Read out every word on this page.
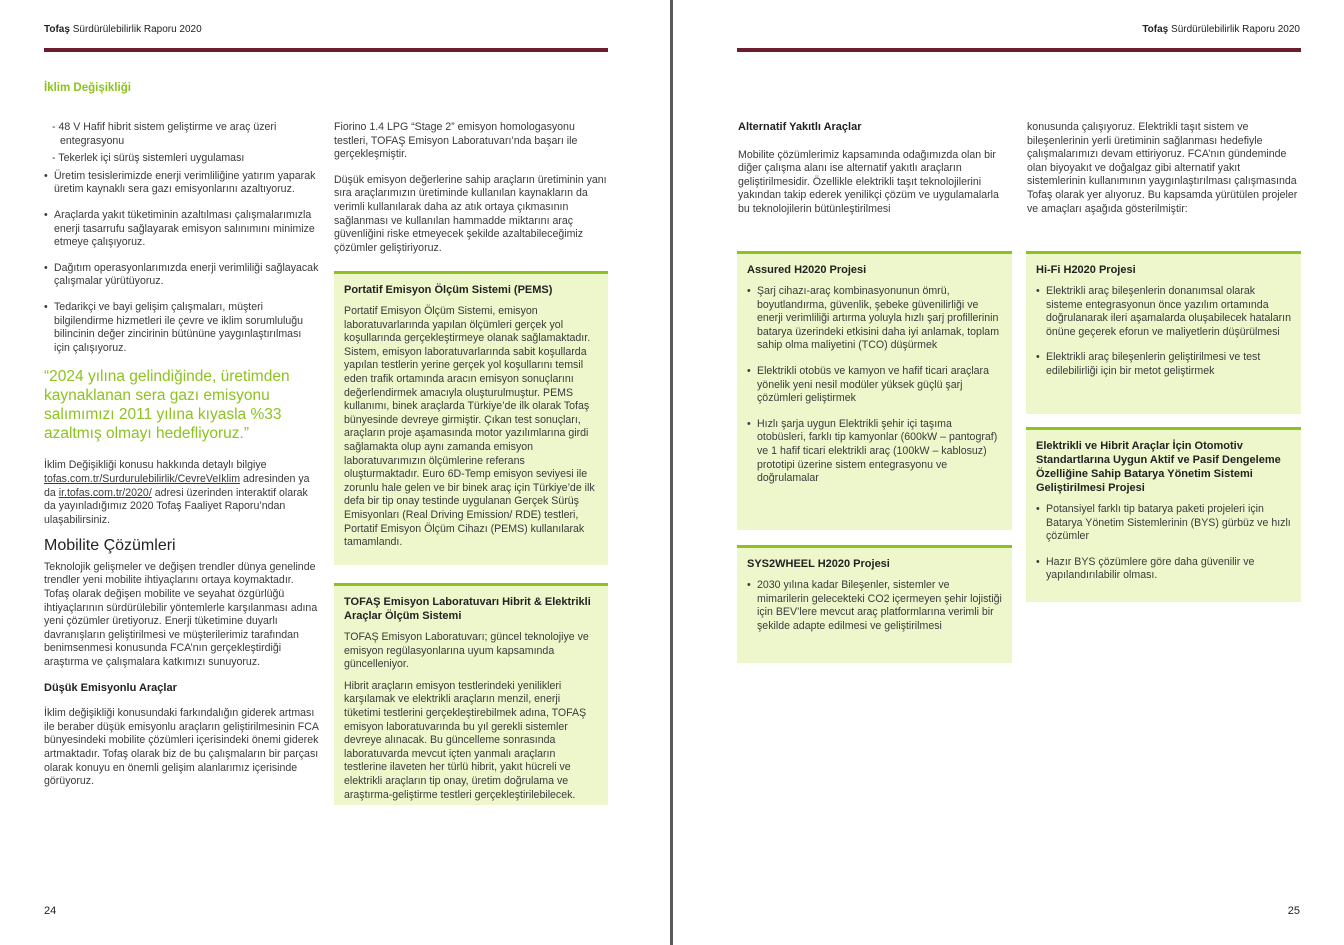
Tofaş Sürdürülebilirlik Raporu 2020
İklim Değişikliği
- 48 V Hafif hibrit sistem geliştirme ve araç üzeri entegrasyonu
- Tekerlek içi sürüş sistemleri uygulaması
• Üretim tesislerimizde enerji verimliliğine yatırım yaparak üretim kaynaklı sera gazı emisyonlarını azaltıyoruz.
• Araçlarda yakıt tüketiminin azaltılması çalışmalarımızla enerji tasarrufu sağlayarak emisyon salınımını minimize etmeye çalışıyoruz.
• Dağıtım operasyonlarımızda enerji verimliliği sağlayacak çalışmalar yürütüyoruz.
• Tedarikçi ve bayi gelişim çalışmaları, müşteri bilgilendirme hizmetleri ile çevre ve iklim sorumluluğu bilincinin değer zincirinin bütününe yaygınlaştırılması için çalışıyoruz.
“2024 yılına gelindiğinde, üretimden kaynaklanan sera gazı emisyonu salımımızı 2011 yılına kıyasla %33 azaltmış olmayı hedefliyoruz.”

İklim Değişikliği konusu hakkında detaylı bilgiye tofas.com.tr/Surdurulebilirlik/CevreVeIklim adresinden ya da ir.tofas.com.tr/2020/ adresi üzerinden interaktif olarak da yayınladığımız 2020 Tofaş Faaliyet Raporu’ndan ulaşabilirsiniz.

Mobilite Çözümleri

Teknolojik gelişmeler ve değişen trendler dünya genelinde trendler yeni mobilite ihtiyaçlarını ortaya koymaktadır. Tofaş olarak değişen mobilite ve seyahat özgürlüğü ihtiyaçlarının sürdürülebilir yöntemlerle karşılanması adına yeni çözümler üretiyoruz. Enerji tüketimine duyarlı davranışların geliştirilmesi ve müşterilerimiz tarafından benimsenmesi konusunda FCA’nın gerçekleştirdiği araştırma ve çalışmalara katkımızı sunuyoruz.

Düşük Emisyonlu Araçlar

İklim değişikliği konusundaki farkındalığın giderek artması ile beraber düşük emisyonlu araçların geliştirilmesinin FCA bünyesindeki mobilite çözümleri içerisindeki önemi giderek artmaktadır. Tofaş olarak biz de bu çalışmaların bir parçası olarak konuyu en önemli gelişim alanlarımız içerisinde görüyoruz.

Fiorino 1.4 LPG “Stage 2” emisyon homologasyonu testleri, TOFAŞ Emisyon Laboratuvarı’nda başarı ile gerçekleşmiştir.

Düşük emisyon değerlerine sahip araçların üretiminin yanı sıra araçlarımızın üretiminde kullanılan kaynakların da verimli kullanılarak daha az atık ortaya çıkmasının sağlanması ve kullanılan hammadde miktarını araç güvenliğini riske etmeyecek şekilde azaltabileceğimiz çözümler geliştiriyoruz.

Portatif Emisyon Ölçüm Sistemi (PEMS)

Portatif Emisyon Ölçüm Sistemi, emisyon laboratuvarlarında yapılan ölçümleri gerçek yol koşullarında gerçekleştirmeye olanak sağlamaktadır. Sistem, emisyon laboratuvarlarında sabit koşullarda yapılan testlerin yerine gerçek yol koşullarını temsil eden trafik ortamında aracın emisyon sonuçlarını değerlendirmek amacıyla oluşturulmuştur. PEMS kullanımı, binek araçlarda Türkiye’de ilk olarak Tofaş bünyesinde devreye girmiştir. Çıkan test sonuçları, araçların proje aşamasında motor yazılımlarına girdi sağlamakta olup aynı zamanda emisyon laboratuvarımızın ölçümlerine referans oluşturmaktadır. Euro 6D-Temp emisyon seviyesi ile zorunlu hale gelen ve bir binek araç için Türkiye’de ilk defa bir tip onay testinde uygulanan Gerçek Sürüş Emisyonları (Real Driving Emission/ RDE) testleri, Portatif Emisyon Ölçüm Cihazı (PEMS) kullanılarak tamamlandı.

TOFAŞ Emisyon Laboratuvarı Hibrit & Elektrikli Araçlar Ölçüm Sistemi

TOFAŞ Emisyon Laboratuvarı; güncel teknolojiye ve emisyon regülasyonlarına uyum kapsamında güncelleniyor.

Hibrit araçların emisyon testlerindeki yenilikleri karşılamak ve elektrikli araçların menzil, enerji tüketimi testlerini gerçekleştirebilmek adına, TOFAŞ emisyon laboratuvarında bu yıl gerekli sistemler devreye alınacak. Bu güncelleme sonrasında laboratuvarda mevcut içten yanmalı araçların testlerine ilaveten her türlü hibrit, yakıt hücreli ve elektrikli araçların tip onay, üretim doğrulama ve araştırma-geliştirme testleri gerçekleştirilebilecek.

24
Tofaş Sürdürülebilirlik Raporu 2020
Alternatif Yakıtlı Araçlar

Mobilite çözümlerimiz kapsamında odağımızda olan bir diğer çalışma alanı ise alternatif yakıtlı araçların geliştirilmesidir. Özellikle elektrikli taşıt teknolojilerini yakından takip ederek yenilikçi çözüm ve uygulamalarla bu teknolojilerin bütünleştirilmesi

Assured H2020 Projesi
• Şarj cihazı-araç kombinasyonunun ömrü, boyutlandırma, güvenlik, şebeke güvenilirliği ve enerji verimliliği artırma yoluyla hızlı şarj profillerinin batarya üzerindeki etkisini daha iyi anlamak, toplam sahip olma maliyetini (TCO) düşürmek
• Elektrikli otobüs ve kamyon ve hafif ticari araçlara yönelik yeni nesil modüler yüksek güçlü şarj çözümleri geliştirmek
• Hızlı şarja uygun Elektrikli şehir içi taşıma otobüsleri, farklı tip kamyonlar (600kW – pantograf) ve 1 hafif ticari elektrikli araç (100kW – kablosuz) prototipi üzerine sistem entegrasyonu ve doğrulamalar
SYS2WHEEL H2020 Projesi
• 2030 yılına kadar Bileşenler, sistemler ve mimarilerin gelecekteki CO2 içermeyen şehir lojistiği için BEV’lere mevcut araç platformlarına verimli bir şekilde adapte edilmesi ve geliştirilmesi

konusunda çalışıyoruz. Elektrikli taşıt sistem ve bileşenlerinin yerli üretiminin sağlanması hedefiyle çalışmalarımızı devam ettiriyoruz. FCA’nın gündeminde olan biyoyakıt ve doğalgaz gibi alternatif yakıt sistemlerinin kullanımının yaygınlaştırılması çalışmasında Tofaş olarak yer alıyoruz. Bu kapsamda yürütülen projeler ve amaçları aşağıda gösterilmiştir:

Hi-Fi H2020 Projesi
• Elektrikli araç bileşenlerin donanımsal olarak sisteme entegrasyonun önce yazılım ortamında doğrulanarak ileri aşamalarda oluşabilecek hataların önüne geçerek eforun ve maliyetlerin düşürülmesi
• Elektrikli araç bileşenlerin geliştirilmesi ve test edilebilirliği için bir metot geliştirmek
Elektrikli ve Hibrit Araçlar İçin Otomotiv Standartlarına Uygun Aktif ve Pasif Dengeleme Özelliğine Sahip Batarya Yönetim Sistemi Geliştirilmesi Projesi
• Potansiyel farklı tip batarya paketi projeleri için Batarya Yönetim Sistemlerinin (BYS) gürbüz ve hızlı çözümler
• Hazır BYS çözümlere göre daha güvenilir ve yapılandırılabilir olması.
25
